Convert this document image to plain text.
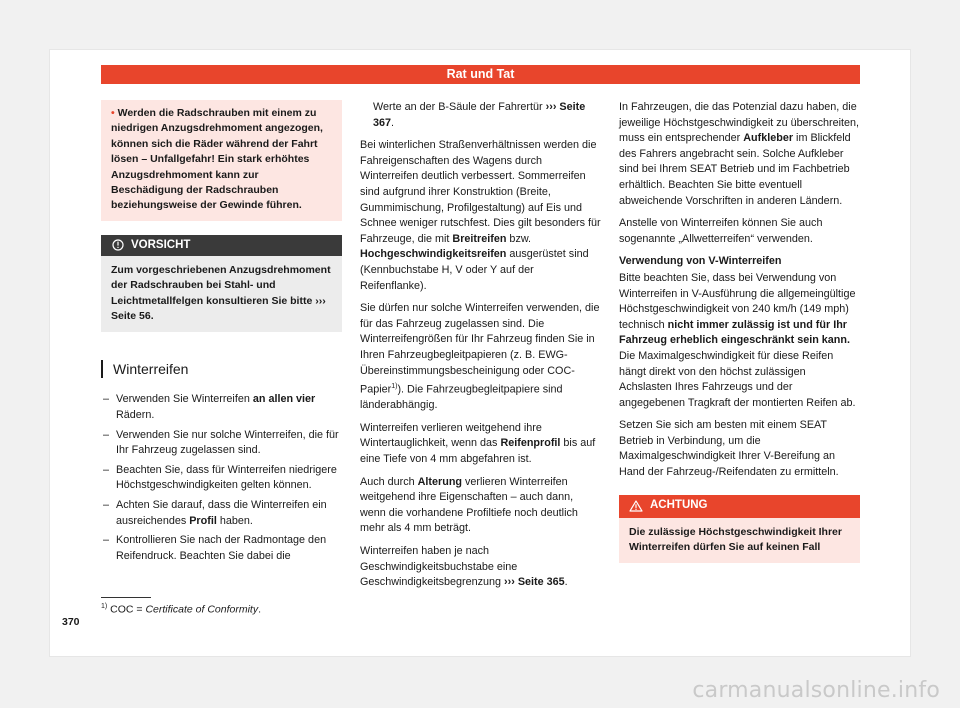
Rat und Tat
• Werden die Radschrauben mit einem zu niedrigen Anzugsdrehmoment angezogen, können sich die Räder während der Fahrt lösen – Unfallgefahr! Ein stark erhöhtes Anzugsdrehmoment kann zur Beschädigung der Radschrauben beziehungsweise der Gewinde führen.
VORSICHT
Zum vorgeschriebenen Anzugsdrehmoment der Radschrauben bei Stahl- und Leichtmetallfelgen konsultieren Sie bitte ››› Seite 56.
Winterreifen
– Verwenden Sie Winterreifen an allen vier Rädern.
– Verwenden Sie nur solche Winterreifen, die für Ihr Fahrzeug zugelassen sind.
– Beachten Sie, dass für Winterreifen niedrigere Höchstgeschwindigkeiten gelten können.
– Achten Sie darauf, dass die Winterreifen ein ausreichendes Profil haben.
– Kontrollieren Sie nach der Radmontage den Reifendruck. Beachten Sie dabei die

Werte an der B-Säule der Fahrertür ››› Seite 367.

Bei winterlichen Straßenverhältnissen werden die Fahreigenschaften des Wagens durch Winterreifen deutlich verbessert. Sommerreifen sind aufgrund ihrer Konstruktion (Breite, Gummimischung, Profilgestaltung) auf Eis und Schnee weniger rutschfest. Dies gilt besonders für Fahrzeuge, die mit Breitreifen bzw. Hochgeschwindigkeitsreifen ausgerüstet sind (Kennbuchstabe H, V oder Y auf der Reifenflanke).

Sie dürfen nur solche Winterreifen verwenden, die für das Fahrzeug zugelassen sind. Die Winterreifengrößen für Ihr Fahrzeug finden Sie in Ihren Fahrzeugbegleitpapieren (z. B. EWG-Übereinstimmungsbescheinigung oder COC-Papier$^{1)}$). Die Fahrzeugbegleitpapiere sind länderabhängig.

Winterreifen verlieren weitgehend ihre Wintertauglichkeit, wenn das Reifenprofil bis auf eine Tiefe von 4 mm abgefahren ist.

Auch durch Alterung verlieren Winterreifen weitgehend ihre Eigenschaften – auch dann, wenn die vorhandene Profiltiefe noch deutlich mehr als 4 mm beträgt.

Winterreifen haben je nach Geschwindigkeitsbuchstabe eine Geschwindigkeitsbegrenzung ››› Seite 365.

In Fahrzeugen, die das Potenzial dazu haben, die jeweilige Höchstgeschwindigkeit zu überschreiten, muss ein entsprechender Aufkleber im Blickfeld des Fahrers angebracht sein. Solche Aufkleber sind bei Ihrem SEAT Betrieb und im Fachbetrieb erhältlich. Beachten Sie bitte eventuell abweichende Vorschriften in anderen Ländern.

Anstelle von Winterreifen können Sie auch sogenannte „Allwetterreifen“ verwenden.

Verwendung von V-Winterreifen

Bitte beachten Sie, dass bei Verwendung von Winterreifen in V-Ausführung die allgemeingültige Höchstgeschwindigkeit von 240 km/h (149 mph) technisch nicht immer zulässig ist und für Ihr Fahrzeug erheblich eingeschränkt sein kann. Die Maximalgeschwindigkeit für diese Reifen hängt direkt von den höchst zulässigen Achslasten Ihres Fahrzeugs und der angegebenen Tragkraft der montierten Reifen ab.

Setzen Sie sich am besten mit einem SEAT Betrieb in Verbindung, um die Maximalgeschwindigkeit Ihrer V-Bereifung an Hand der Fahrzeug-/Reifendaten zu ermitteln.

ACHTUNG
Die zulässige Höchstgeschwindigkeit Ihrer Winterreifen dürfen Sie auf keinen Fall
$^{1)}$ COC = Certificate of Conformity.
370
carmanualsonline.info
